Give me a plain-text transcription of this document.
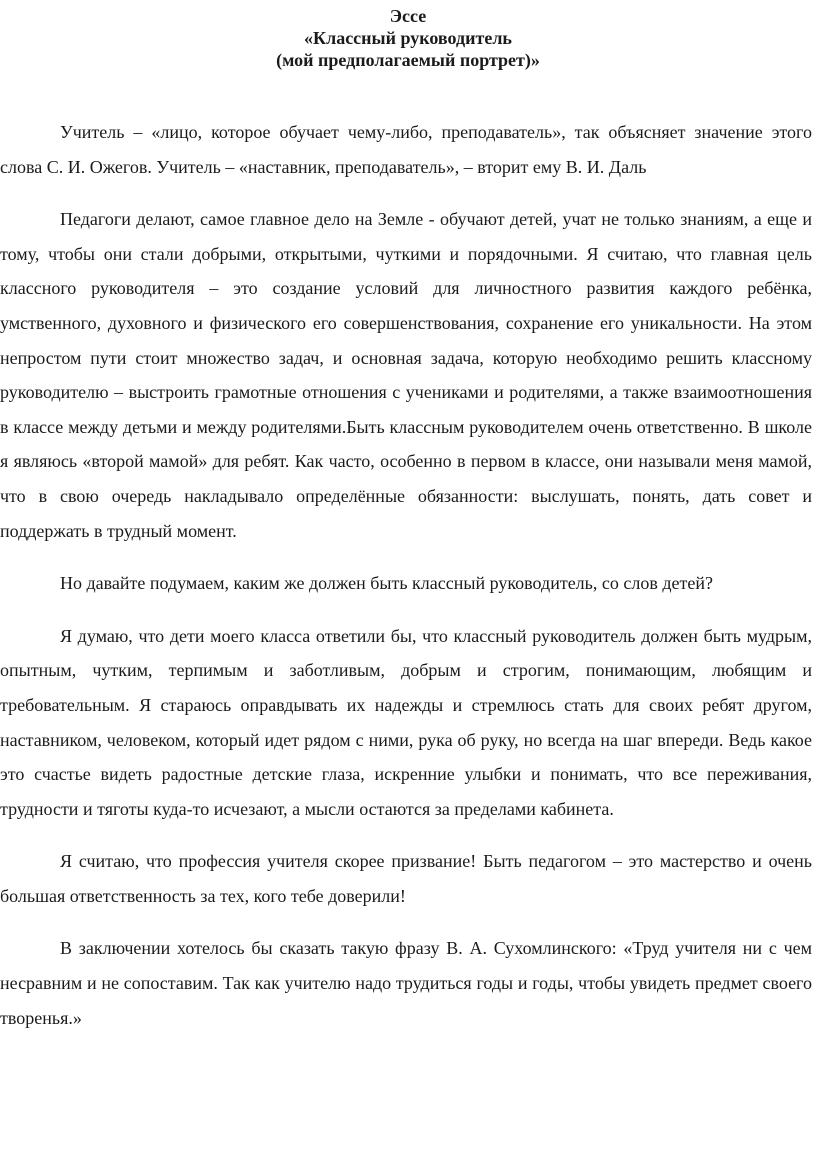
Эссе
«Классный руководитель
(мой предполагаемый портрет)»

Учитель – «лицо, которое обучает чему-либо, преподаватель», так объясняет значение этого слова С. И. Ожегов. Учитель – «наставник, преподаватель», – вторит ему В. И. Даль

Педагоги делают, самое главное дело на Земле - обучают детей, учат не только знаниям, а еще и тому, чтобы они стали добрыми, открытыми, чуткими и порядочными. Я считаю, что главная цель классного руководителя – это создание условий для личностного развития каждого ребёнка, умственного, духовного и физического его совершенствования, сохранение его уникальности. На этом непростом пути стоит множество задач, и основная задача, которую необходимо решить классному руководителю – выстроить грамотные отношения с учениками и родителями, а также взаимоотношения в классе между детьми и между родителями.Быть классным руководителем очень ответственно. В школе я являюсь «второй мамой» для ребят. Как часто, особенно в первом в классе, они называли меня мамой, что в свою очередь накладывало определённые обязанности: выслушать, понять, дать совет и поддержать в трудный момент.

Но давайте подумаем, каким же должен быть классный руководитель, со слов детей?

Я думаю, что дети моего класса ответили бы, что классный руководитель должен быть мудрым, опытным, чутким, терпимым и заботливым, добрым и строгим, понимающим, любящим и требовательным. Я стараюсь оправдывать их надежды и стремлюсь стать для своих ребят другом, наставником, человеком, который идет рядом с ними, рука об руку, но всегда на шаг впереди. Ведь какое это счастье видеть радостные детские глаза, искренние улыбки и понимать, что все переживания, трудности и тяготы куда-то исчезают, а мысли остаются за пределами кабинета.

Я считаю, что профессия учителя скорее призвание! Быть педагогом – это мастерство и очень большая ответственность за тех, кого тебе доверили!

В заключении хотелось бы сказать такую фразу В. А. Сухомлинского: «Труд учителя ни с чем несравним и не сопоставим. Так как учителю надо трудиться годы и годы, чтобы увидеть предмет своего творенья.»
